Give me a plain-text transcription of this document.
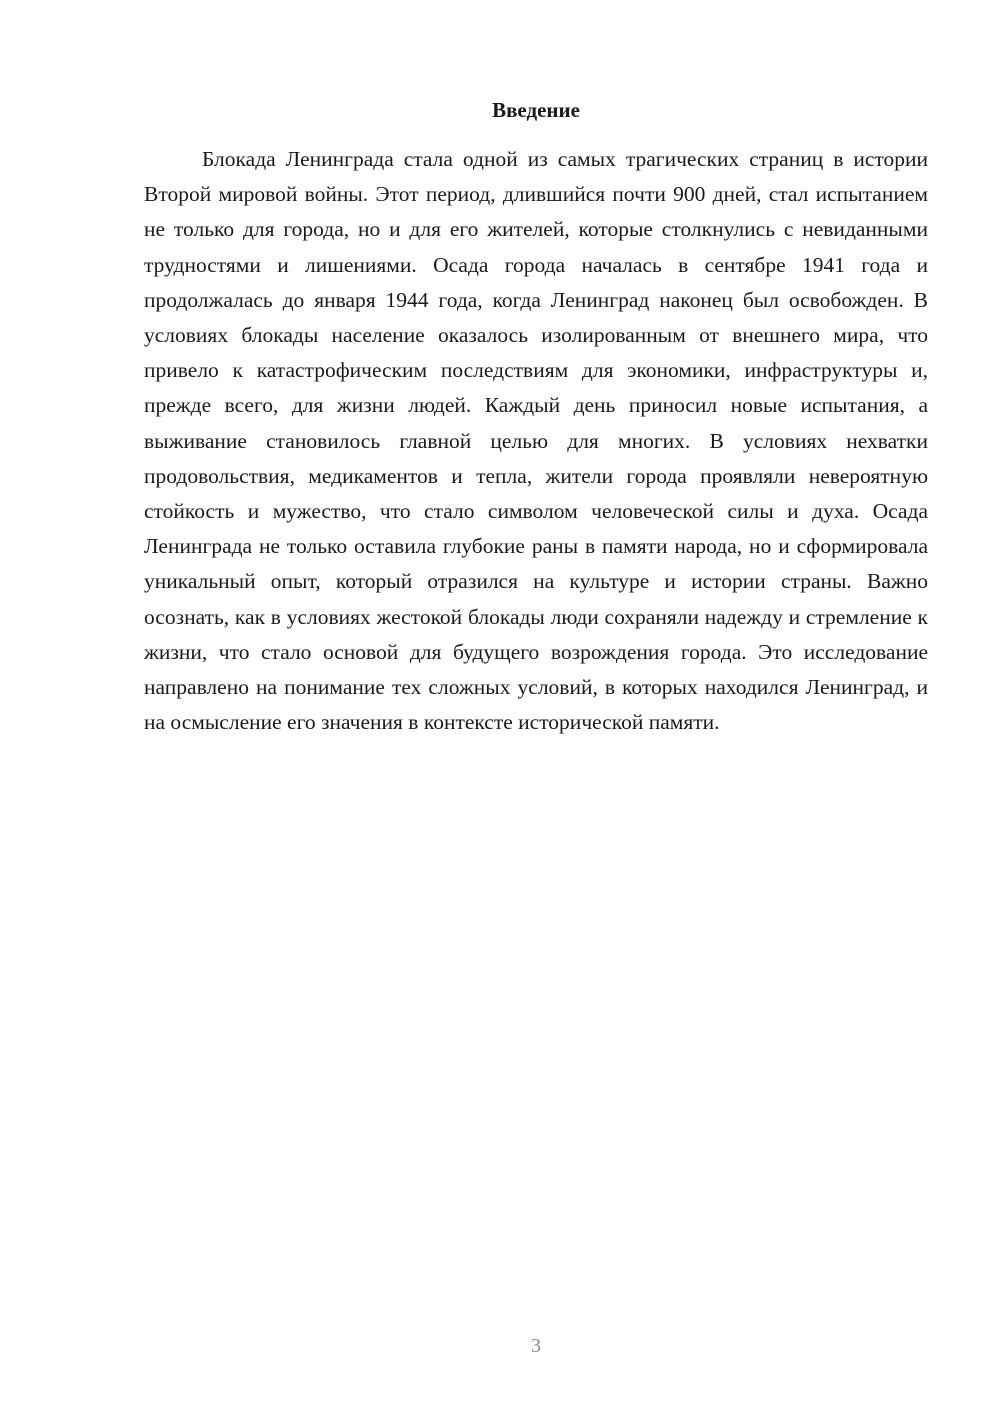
Введение

Блокада Ленинграда стала одной из самых трагических страниц в истории Второй мировой войны. Этот период, длившийся почти 900 дней, стал испытанием не только для города, но и для его жителей, которые столкнулись с невиданными трудностями и лишениями. Осада города началась в сентябре 1941 года и продолжалась до января 1944 года, когда Ленинград наконец был освобожден. В условиях блокады население оказалось изолированным от внешнего мира, что привело к катастрофическим последствиям для экономики, инфраструктуры и, прежде всего, для жизни людей. Каждый день приносил новые испытания, а выживание становилось главной целью для многих. В условиях нехватки продовольствия, медикаментов и тепла, жители города проявляли невероятную стойкость и мужество, что стало символом человеческой силы и духа. Осада Ленинграда не только оставила глубокие раны в памяти народа, но и сформировала уникальный опыт, который отразился на культуре и истории страны. Важно осознать, как в условиях жестокой блокады люди сохраняли надежду и стремление к жизни, что стало основой для будущего возрождения города. Это исследование направлено на понимание тех сложных условий, в которых находился Ленинград, и на осмысление его значения в контексте исторической памяти.

3
